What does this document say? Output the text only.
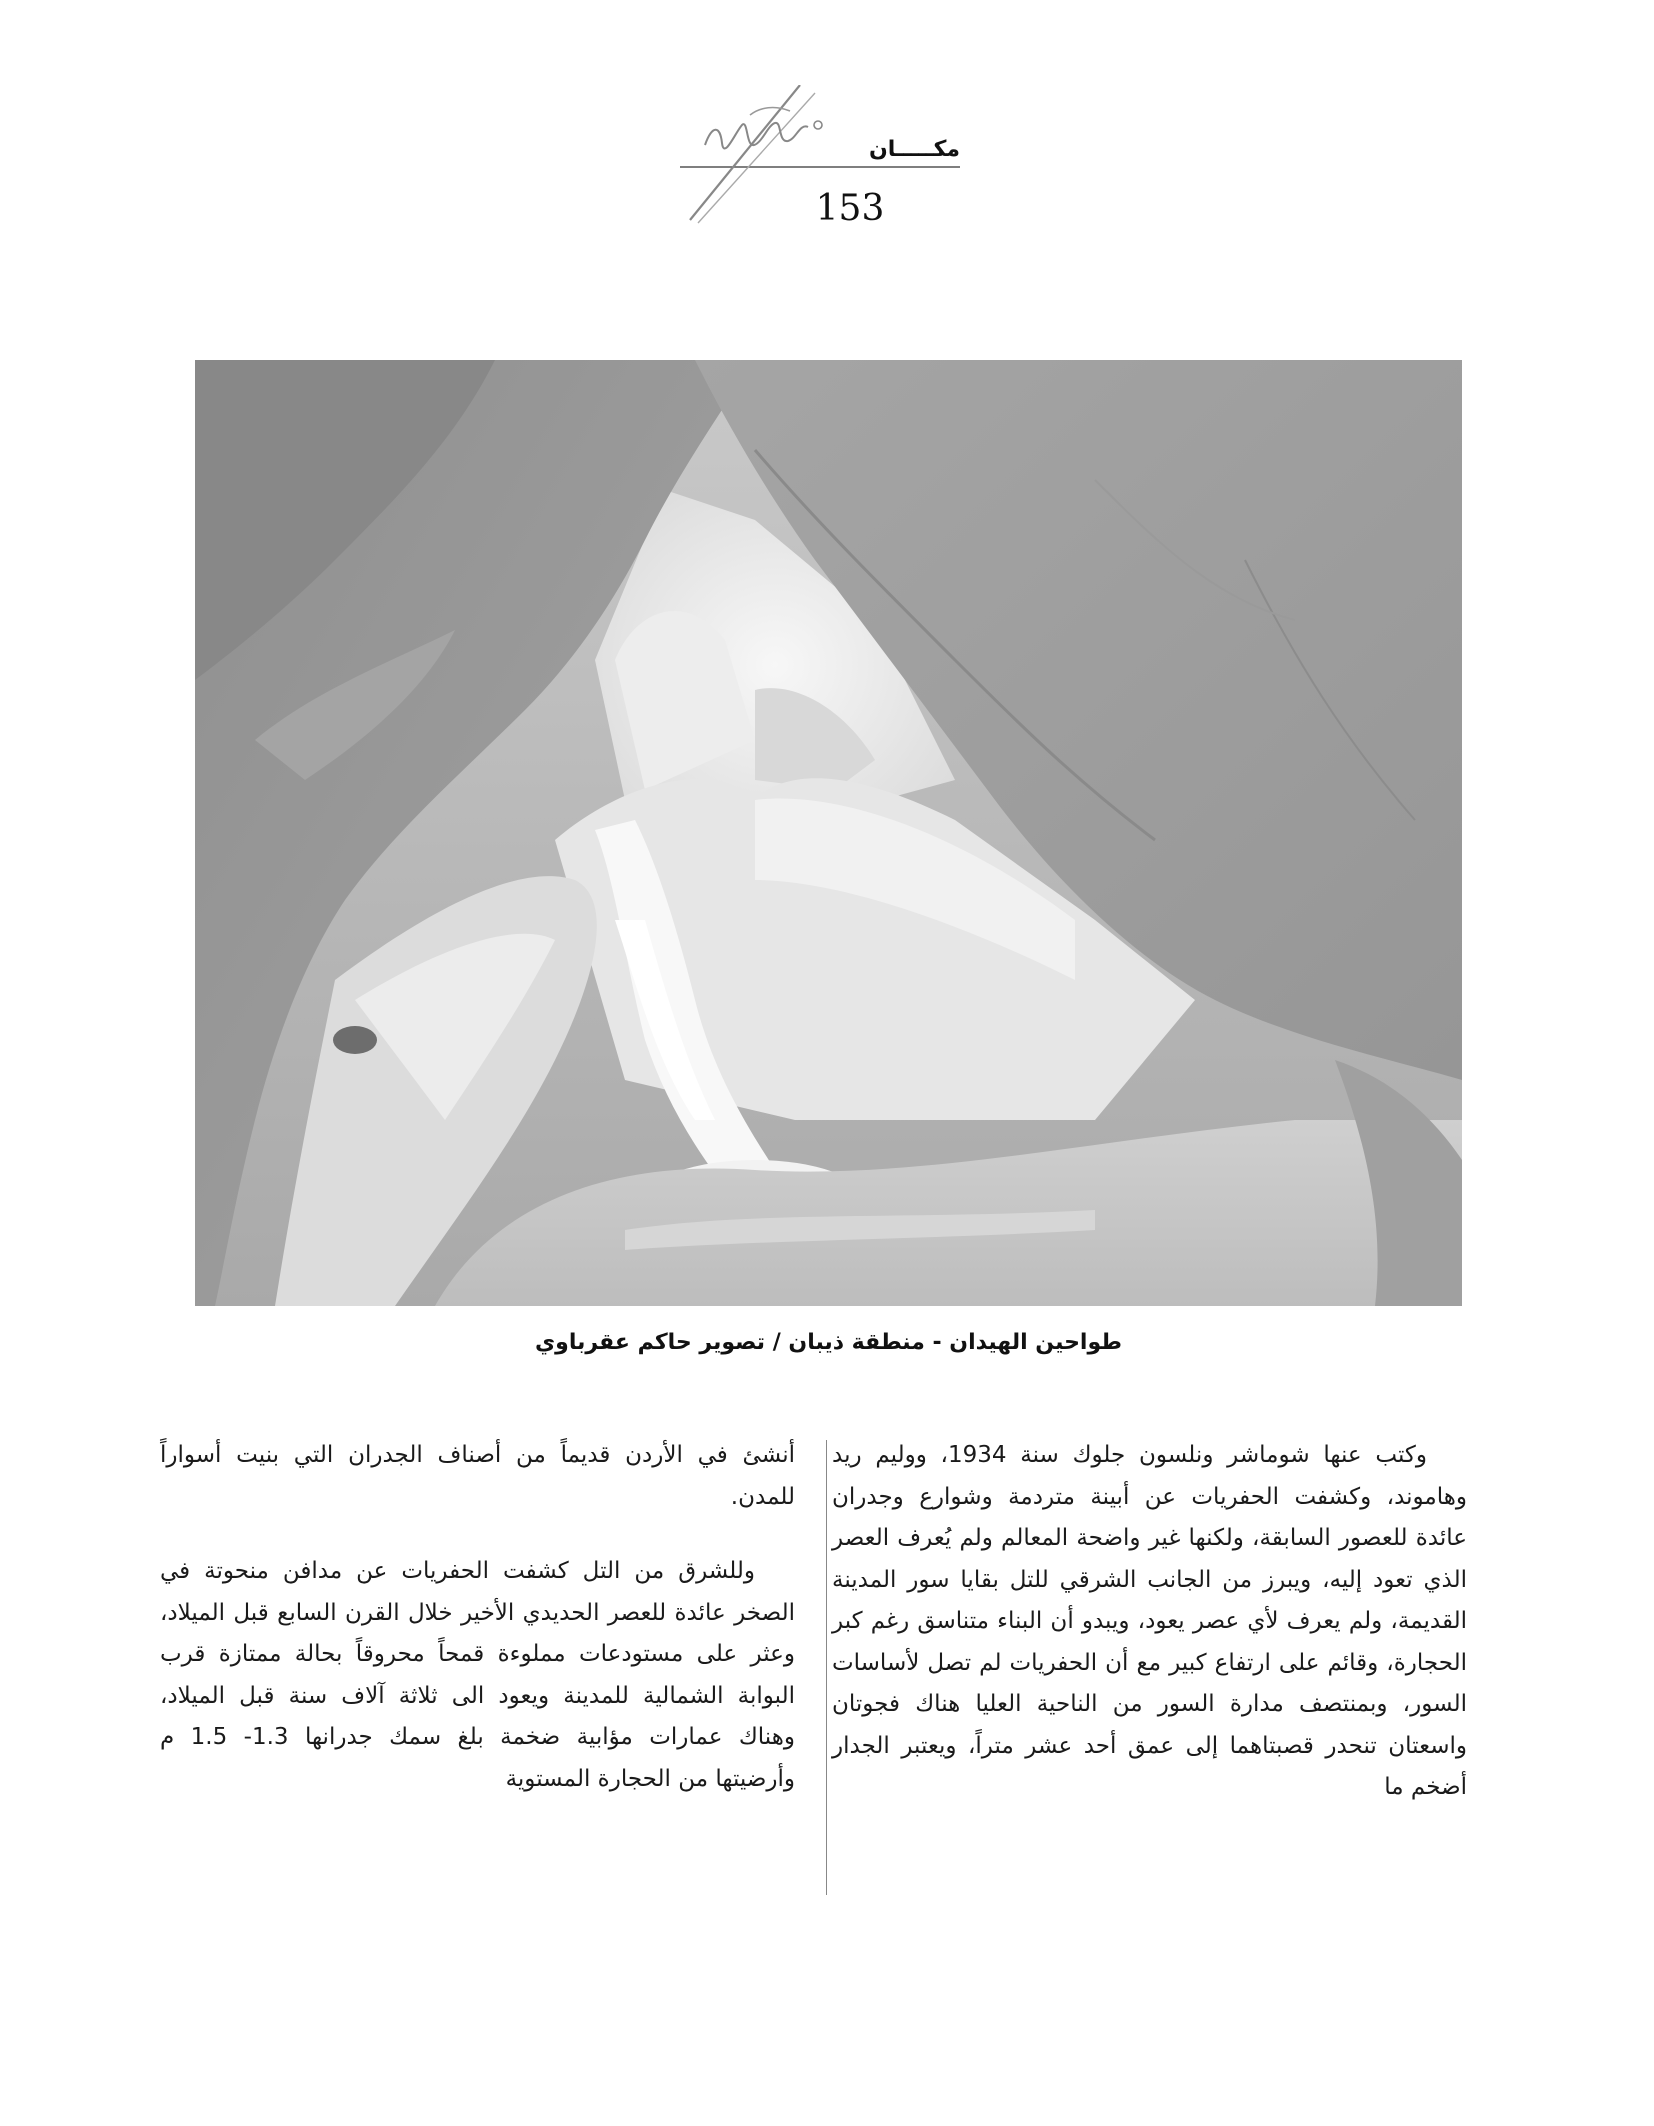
مكـــــان
153
طواحين الهيدان - منطقة ذيبان / تصوير حاكم عقرباوي

وكتب عنها شوماشر ونلسون جلوك سنة 1934، ووليم ريد وهاموند، وكشفت الحفريات عن أبينة متردمة وشوارع وجدران عائدة للعصور السابقة، ولكنها غير واضحة المعالم ولم يُعرف العصر الذي تعود إليه، ويبرز من الجانب الشرقي للتل بقايا سور المدينة القديمة، ولم يعرف لأي عصر يعود، ويبدو أن البناء متناسق رغم كبر الحجارة، وقائم على ارتفاع كبير مع أن الحفريات لم تصل لأساسات السور، وبمنتصف مدارة السور من الناحية العليا هناك فجوتان واسعتان تنحدر قصبتاهما إلى عمق أحد عشر متراً، ويعتبر الجدار أضخم ما

أنشئ في الأردن قديماً من أصناف الجدران التي بنيت أسواراً للمدن.

وللشرق من التل كشفت الحفريات عن مدافن منحوتة في الصخر عائدة للعصر الحديدي الأخير خلال القرن السابع قبل الميلاد، وعثر على مستودعات مملوءة قمحاً محروقاً بحالة ممتازة قرب البوابة الشمالية للمدينة ويعود الى ثلاثة آلاف سنة قبل الميلاد، وهناك عمارات مؤابية ضخمة بلغ سمك جدرانها 1.3- 1.5 م وأرضيتها من الحجارة المستوية
